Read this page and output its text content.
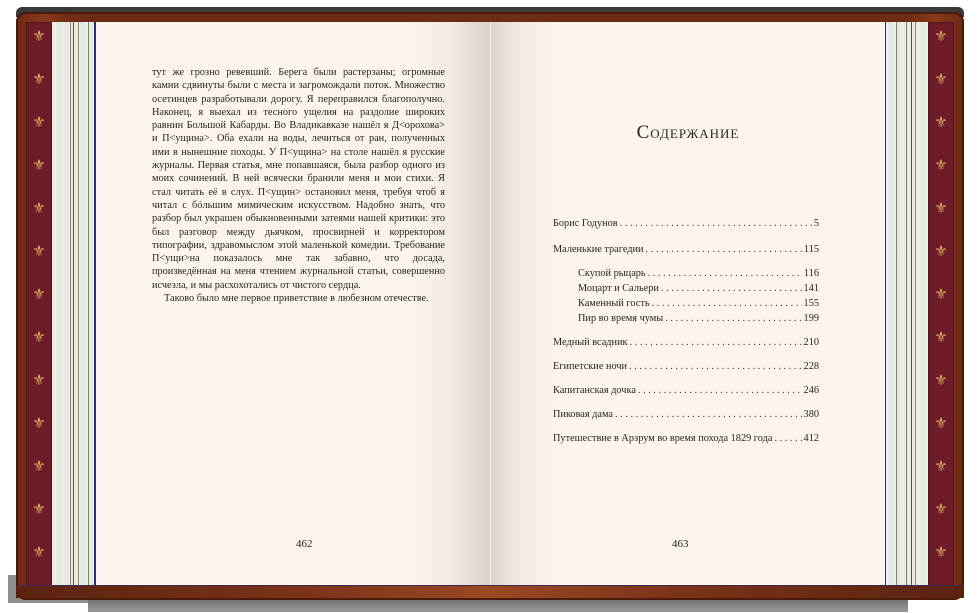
⚜
⚜
⚜
⚜
⚜
⚜
⚜
⚜
⚜
⚜
⚜
⚜
⚜
⚜
⚜
⚜
⚜
⚜
⚜
⚜
⚜
⚜
⚜
⚜
⚜
⚜

тут же грозно ревевший. Берега были растерзаны; огромные камни сдвинуты были с места и загромождали поток. Множество осетинцев разработывали дорогу. Я переправился благополучно. Наконец, я выехал из тесного ущелия на раздолие широких равнин Большой Кабарды. Во Владикавказе нашёл я Д<орохова> и П<ущина>. Оба ехали на воды, лечиться от ран, полученных ими в нынешние походы. У П<ущина> на столе нашёл я русские журналы. Первая статья, мне попавшаяся, была разбор одного из моих сочинений. В ней всячески бранили меня и мои стихи. Я стал читать её в слух. П<ущин> остановил меня, требуя чтоб я читал с бóльшим мимическим искусством. Надобно знать, что разбор был украшен обыкновенными затеями нашей критики: это был разговор между дьячком, просвирней и корректором типографии, здравомыслом этой маленькой комедии. Требование П<ущи>на показалось мне так забавно, что досада, произведённая на меня чтением журнальной статьи, совершенно исчезла, и мы расхохотались от чистого сердца.

Таково было мне первое приветствие в любезном отечестве.

462
Содержание
Борис Годунов . . .	5
Маленькие трагедии . . .	115
Скупой рыцарь . . .	116
Моцарт и Сальери . . .	141
Каменный гость . . .	155
Пир во время чумы . . .	199
Медный всадник . . .	210
Египетские ночи . . .	228
Капитанская дочка . . .	246
Пиковая дама . . .	380
Путешествие в Арзрум во время похода 1829 года . . .	412
463
